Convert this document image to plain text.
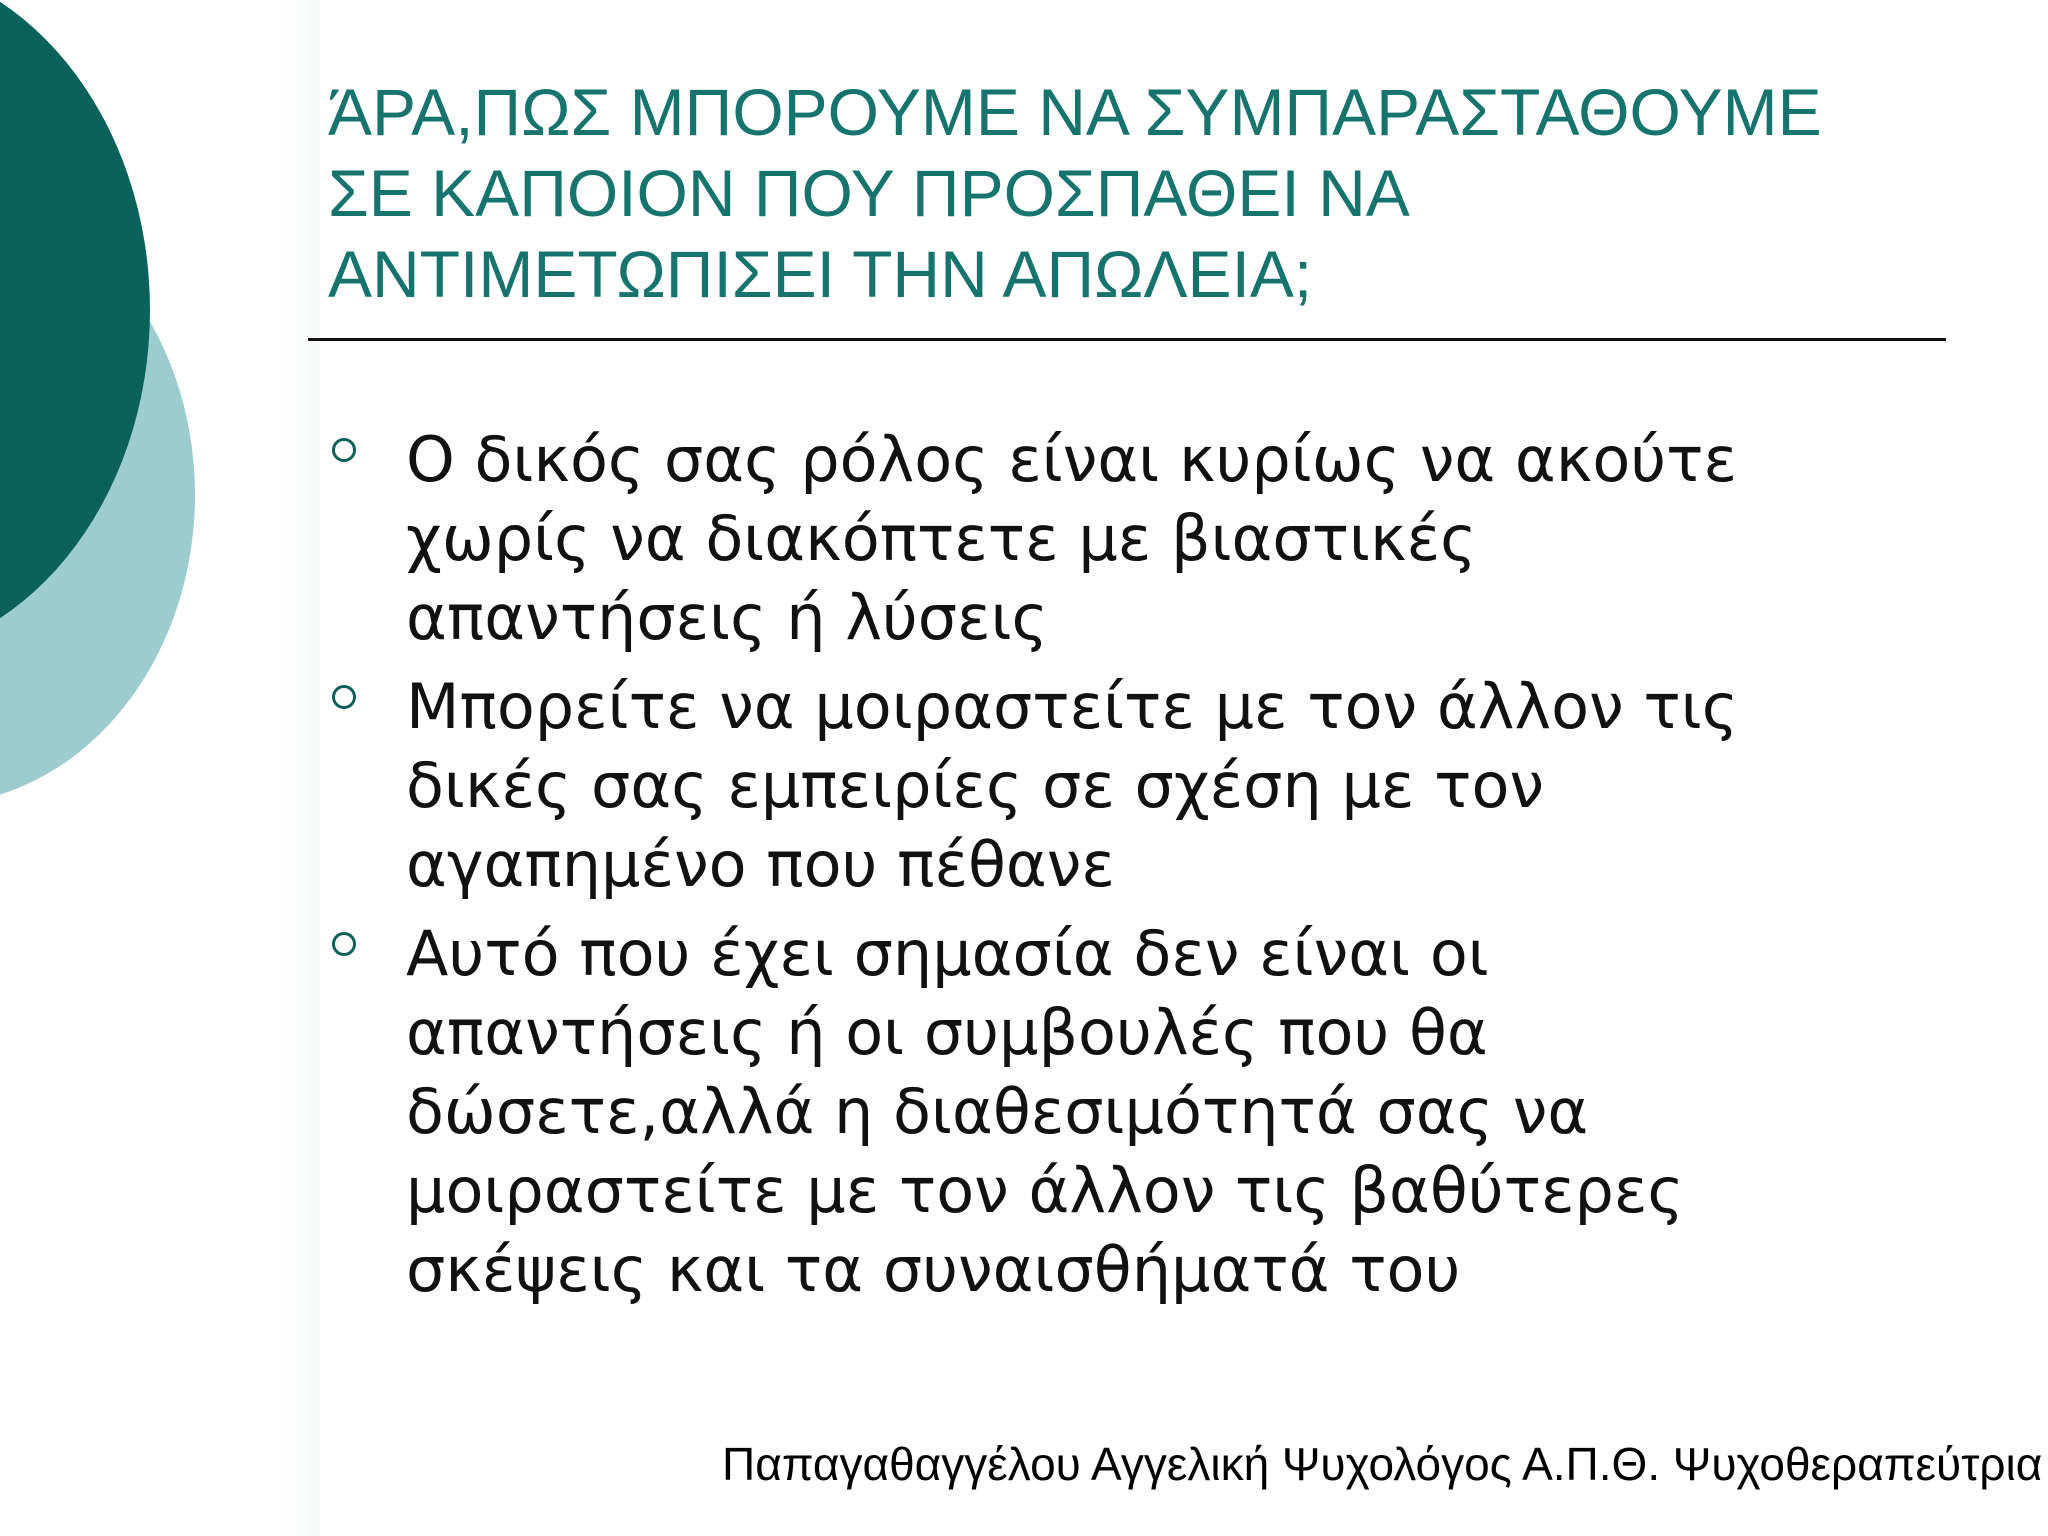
ΆΡΑ,ΠΩΣ ΜΠΟΡΟΥΜΕ ΝΑ ΣΥΜΠΑΡΑΣΤΑΘΟΥΜΕ
ΣΕ ΚΑΠΟΙΟΝ ΠΟΥ ΠΡΟΣΠΑΘΕΙ ΝΑ
ΑΝΤΙΜΕΤΩΠΙΣΕΙ ΤΗΝ ΑΠΩΛΕΙΑ;
Ο δικός σας ρόλος είναι κυρίως να ακούτε
χωρίς να διακόπτετε με βιαστικές
απαντήσεις ή λύσεις
Μπορείτε να μοιραστείτε με τον άλλον τις
δικές σας εμπειρίες σε σχέση με τον
αγαπημένο που πέθανε
Αυτό που έχει σημασία δεν είναι οι
απαντήσεις ή οι συμβουλές που θα
δώσετε,αλλά η διαθεσιμότητά σας να
μοιραστείτε με τον άλλον τις βαθύτερες
σκέψεις και τα συναισθήματά του
Παπαγαθαγγέλου Αγγελική Ψυχολόγος Α.Π.Θ. Ψυχοθεραπεύτρια
